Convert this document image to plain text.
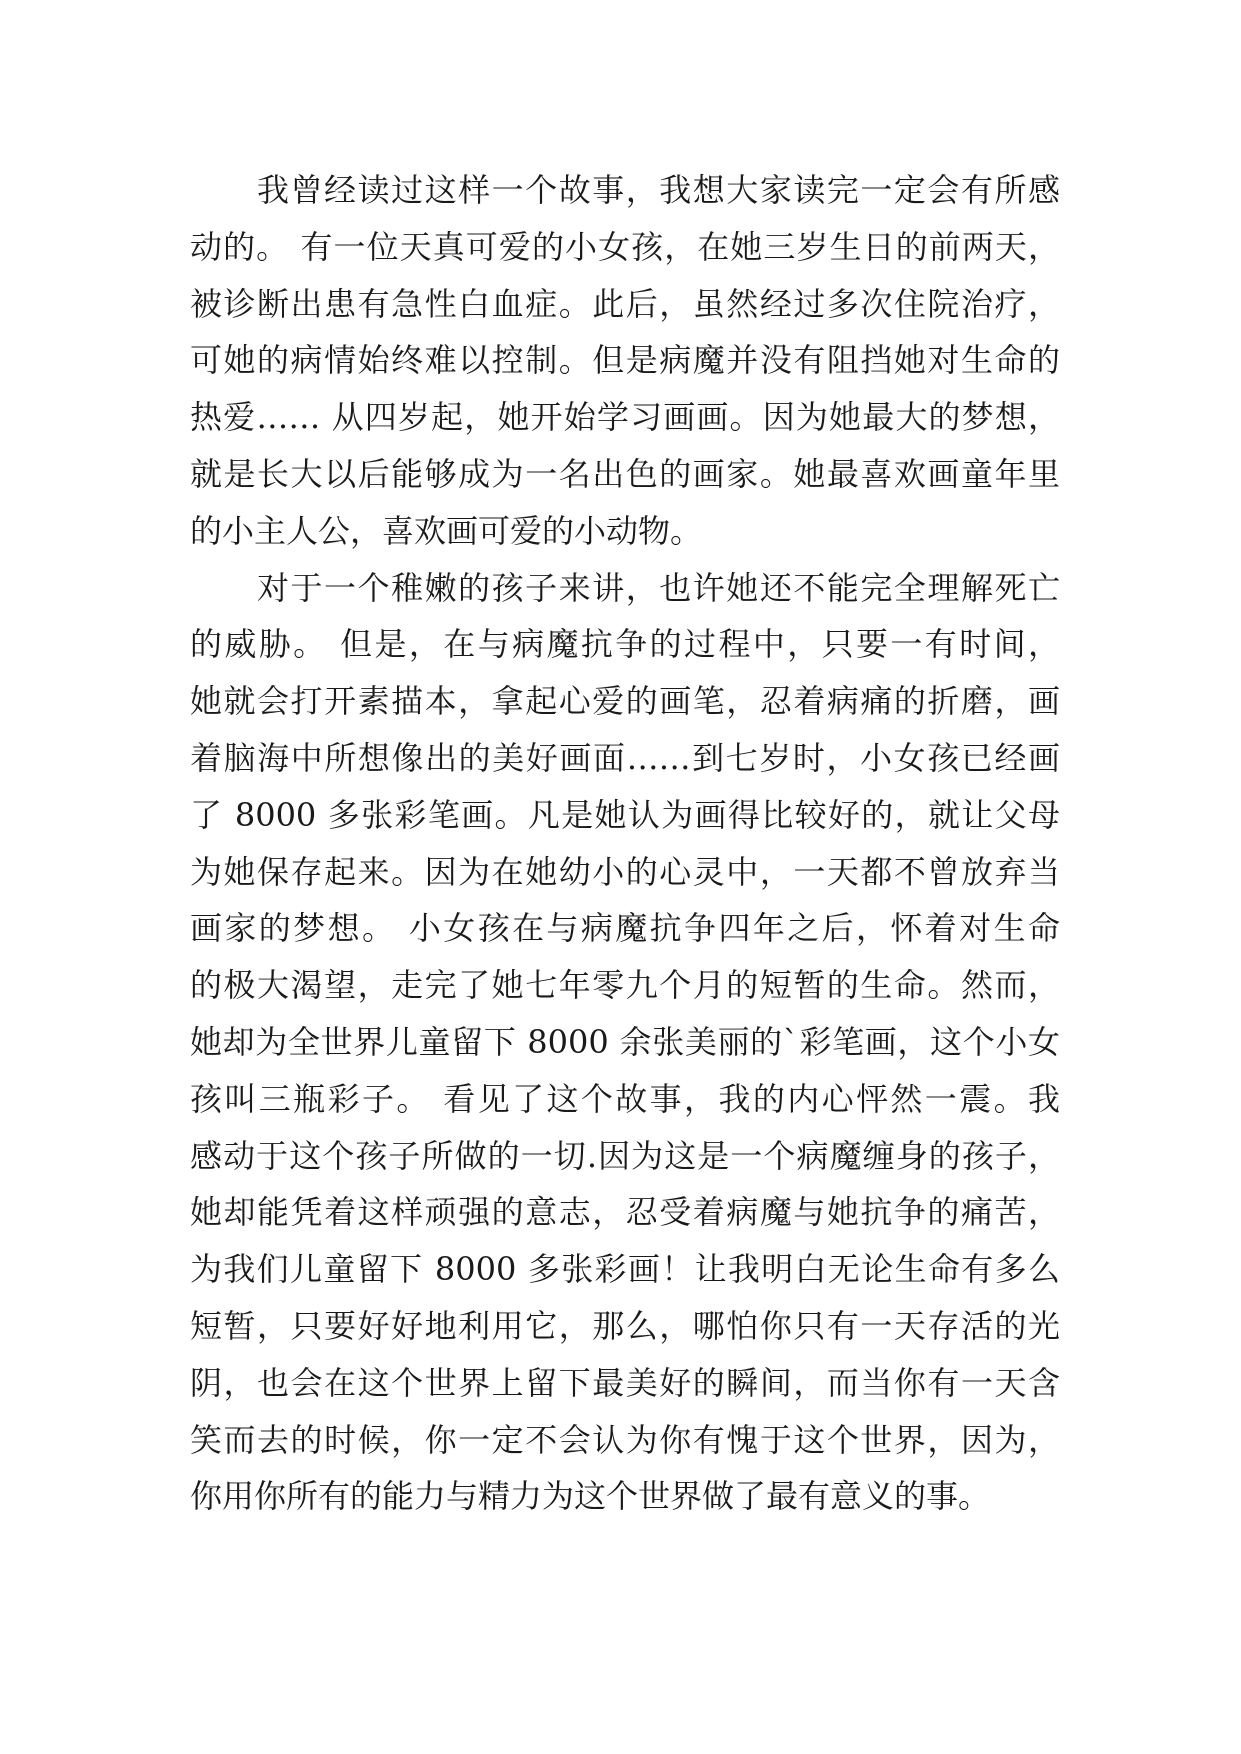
我曾经读过这样一个故事，我想大家读完一定会有所感
动的。 有一位天真可爱的小女孩，在她三岁生日的前两天，
被诊断出患有急性白血症。此后，虽然经过多次住院治疗，
可她的病情始终难以控制。但是病魔并没有阻挡她对生命的
热爱…… 从四岁起，她开始学习画画。因为她最大的梦想，
就是长大以后能够成为一名出色的画家。她最喜欢画童年里
的小主人公，喜欢画可爱的小动物。
对于一个稚嫩的孩子来讲，也许她还不能完全理解死亡
的威胁。 但是，在与病魔抗争的过程中，只要一有时间，
她就会打开素描本，拿起心爱的画笔，忍着病痛的折磨，画
着脑海中所想像出的美好画面……到七岁时，小女孩已经画
了 8000 多张彩笔画。凡是她认为画得比较好的，就让父母
为她保存起来。因为在她幼小的心灵中，一天都不曾放弃当
画家的梦想。 小女孩在与病魔抗争四年之后，怀着对生命
的极大渴望，走完了她七年零九个月的短暂的生命。然而，
她却为全世界儿童留下 8000 余张美丽的`彩笔画，这个小女
孩叫三瓶彩子。 看见了这个故事，我的内心怦然一震。我
感动于这个孩子所做的一切.因为这是一个病魔缠身的孩子，
她却能凭着这样顽强的意志，忍受着病魔与她抗争的痛苦，
为我们儿童留下 8000 多张彩画！让我明白无论生命有多么
短暂，只要好好地利用它，那么，哪怕你只有一天存活的光
阴，也会在这个世界上留下最美好的瞬间，而当你有一天含
笑而去的时候，你一定不会认为你有愧于这个世界，因为，
你用你所有的能力与精力为这个世界做了最有意义的事。
